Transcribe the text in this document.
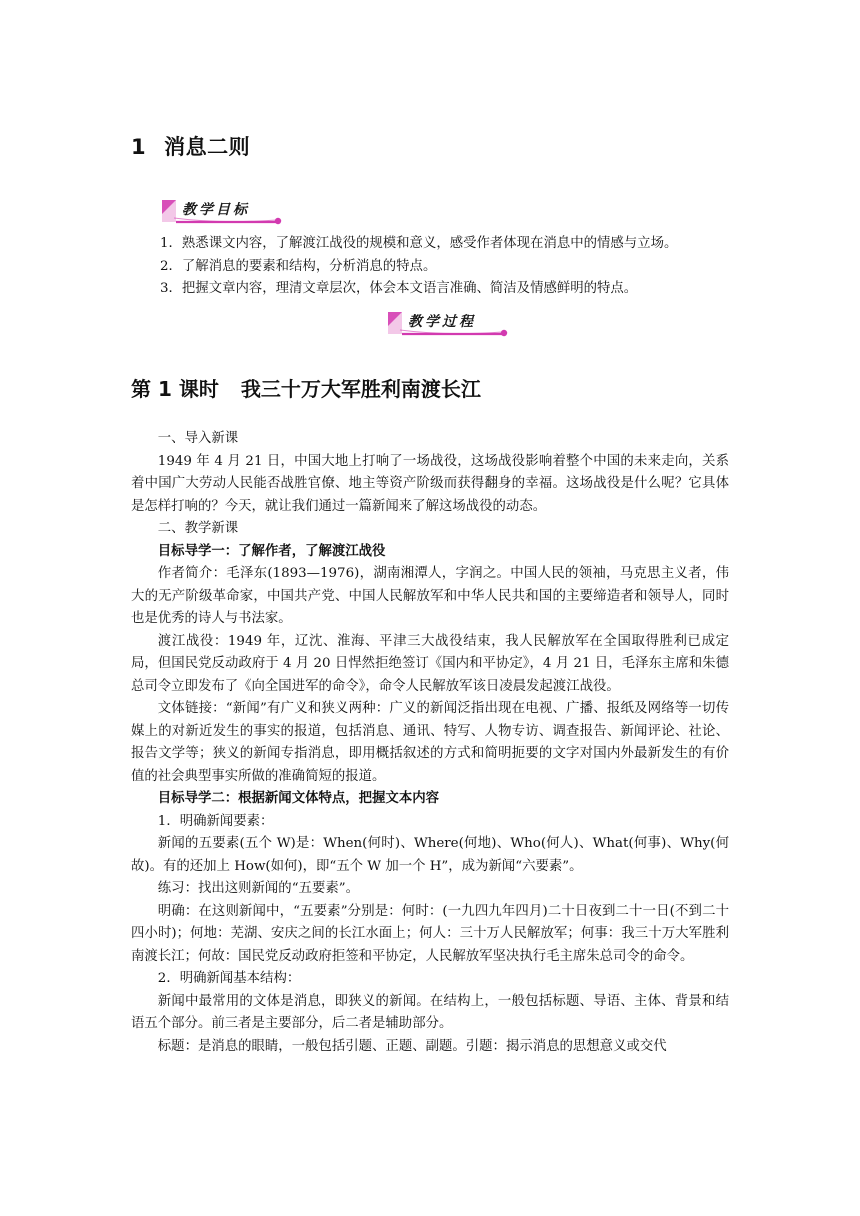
1 消息二则
教学目标
1．熟悉课文内容，了解渡江战役的规模和意义，感受作者体现在消息中的情感与立场。
2．了解消息的要素和结构，分析消息的特点。
3．把握文章内容，理清文章层次，体会本文语言准确、简洁及情感鲜明的特点。
教学过程
第 1 课时 我三十万大军胜利南渡长江

一、导入新课

1949 年 4 月 21 日，中国大地上打响了一场战役，这场战役影响着整个中国的未来走向，关系着中国广大劳动人民能否战胜官僚、地主等资产阶级而获得翻身的幸福。这场战役是什么呢？它具体是怎样打响的？今天，就让我们通过一篇新闻来了解这场战役的动态。

二、教学新课

目标导学一：了解作者，了解渡江战役

作者简介：毛泽东(1893—1976)，湖南湘潭人，字润之。中国人民的领袖，马克思主义者，伟大的无产阶级革命家，中国共产党、中国人民解放军和中华人民共和国的主要缔造者和领导人，同时也是优秀的诗人与书法家。

渡江战役：1949 年，辽沈、淮海、平津三大战役结束，我人民解放军在全国取得胜利已成定局，但国民党反动政府于 4 月 20 日悍然拒绝签订《国内和平协定》，4 月 21 日，毛泽东主席和朱德总司令立即发布了《向全国进军的命令》，命令人民解放军该日凌晨发起渡江战役。

文体链接：“新闻”有广义和狭义两种：广义的新闻泛指出现在电视、广播、报纸及网络等一切传媒上的对新近发生的事实的报道，包括消息、通讯、特写、人物专访、调查报告、新闻评论、社论、报告文学等；狭义的新闻专指消息，即用概括叙述的方式和简明扼要的文字对国内外最新发生的有价值的社会典型事实所做的准确简短的报道。

目标导学二：根据新闻文体特点，把握文本内容

1．明确新闻要素：

新闻的五要素(五个 W)是：When(何时)、Where(何地)、Who(何人)、What(何事)、Why(何故)。有的还加上 How(如何)，即“五个 W 加一个 H”，成为新闻“六要素”。

练习：找出这则新闻的“五要素”。

明确：在这则新闻中，“五要素”分别是：何时：(一九四九年四月)二十日夜到二十一日(不到二十四小时)；何地：芜湖、安庆之间的长江水面上；何人：三十万人民解放军；何事：我三十万大军胜利南渡长江；何故：国民党反动政府拒签和平协定，人民解放军坚决执行毛主席朱总司令的命令。

2．明确新闻基本结构：

新闻中最常用的文体是消息，即狭义的新闻。在结构上，一般包括标题、导语、主体、背景和结语五个部分。前三者是主要部分，后二者是辅助部分。

标题：是消息的眼睛，一般包括引题、正题、副题。引题：揭示消息的思想意义或交代
